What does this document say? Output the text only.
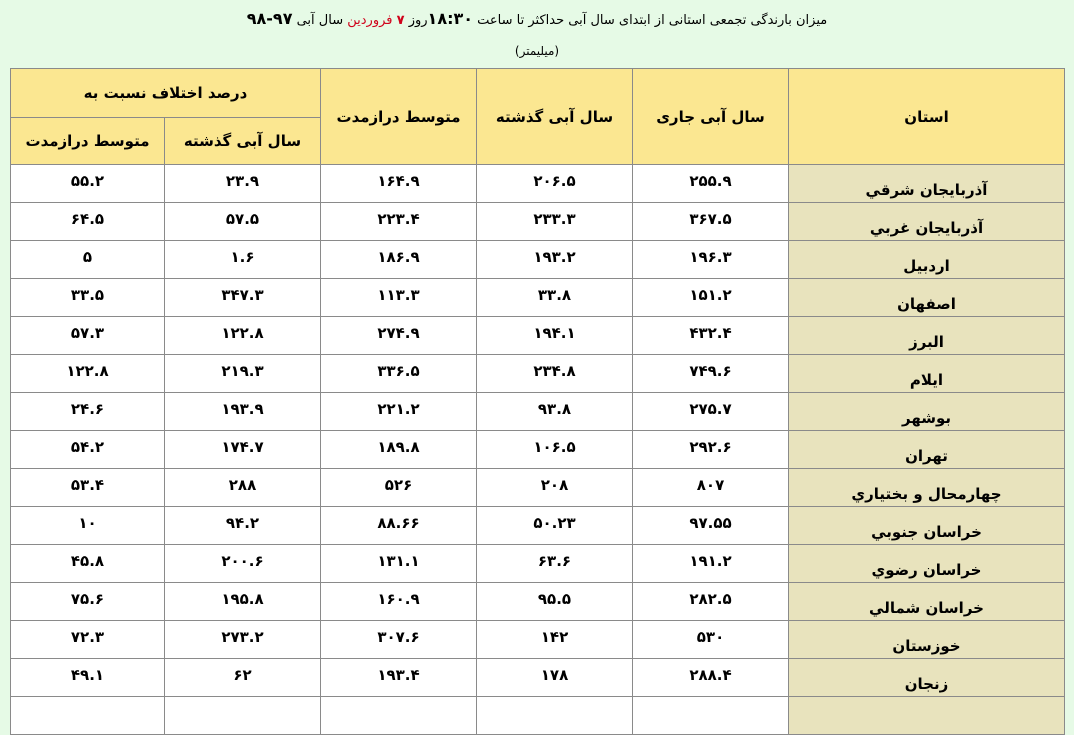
میزان بارندگی تجمعی استانی از ابتدای سال آبی حداکثر تا ساعت ۱۸:۳۰روز ۷ فروردین سال آبی ۹۷-۹۸
(میلیمتر)
استان	سال آبی جاری	سال آبی گذشته	متوسط درازمدت	درصد اختلاف نسبت به	
				سال آبی گذشته	متوسط درازمدت
آذربایجان شرقي	۲۵۵.۹	۲۰۶.۵	۱۶۴.۹	۲۳.۹	۵۵.۲
آذربایجان غربي	۳۶۷.۵	۲۳۳.۳	۲۲۳.۴	۵۷.۵	۶۴.۵
اردبيل	۱۹۶.۳	۱۹۳.۲	۱۸۶.۹	۱.۶	۵
اصفهان	۱۵۱.۲	۳۳.۸	۱۱۳.۳	۳۴۷.۳	۳۳.۵
البرز	۴۳۲.۴	۱۹۴.۱	۲۷۴.۹	۱۲۲.۸	۵۷.۳
ايلام	۷۴۹.۶	۲۳۴.۸	۳۳۶.۵	۲۱۹.۳	۱۲۲.۸
بوشهر	۲۷۵.۷	۹۳.۸	۲۲۱.۲	۱۹۳.۹	۲۴.۶
تهران	۲۹۲.۶	۱۰۶.۵	۱۸۹.۸	۱۷۴.۷	۵۴.۲
چهارمحال و بختياري	۸۰۷	۲۰۸	۵۲۶	۲۸۸	۵۳.۴
خراسان جنوبي	۹۷.۵۵	۵۰.۲۳	۸۸.۶۶	۹۴.۲	۱۰
خراسان رضوي	۱۹۱.۲	۶۳.۶	۱۳۱.۱	۲۰۰.۶	۴۵.۸
خراسان شمالي	۲۸۲.۵	۹۵.۵	۱۶۰.۹	۱۹۵.۸	۷۵.۶
خوزستان	۵۳۰	۱۴۲	۳۰۷.۶	۲۷۳.۲	۷۲.۳
زنجان	۲۸۸.۴	۱۷۸	۱۹۳.۴	۶۲	۴۹.۱
